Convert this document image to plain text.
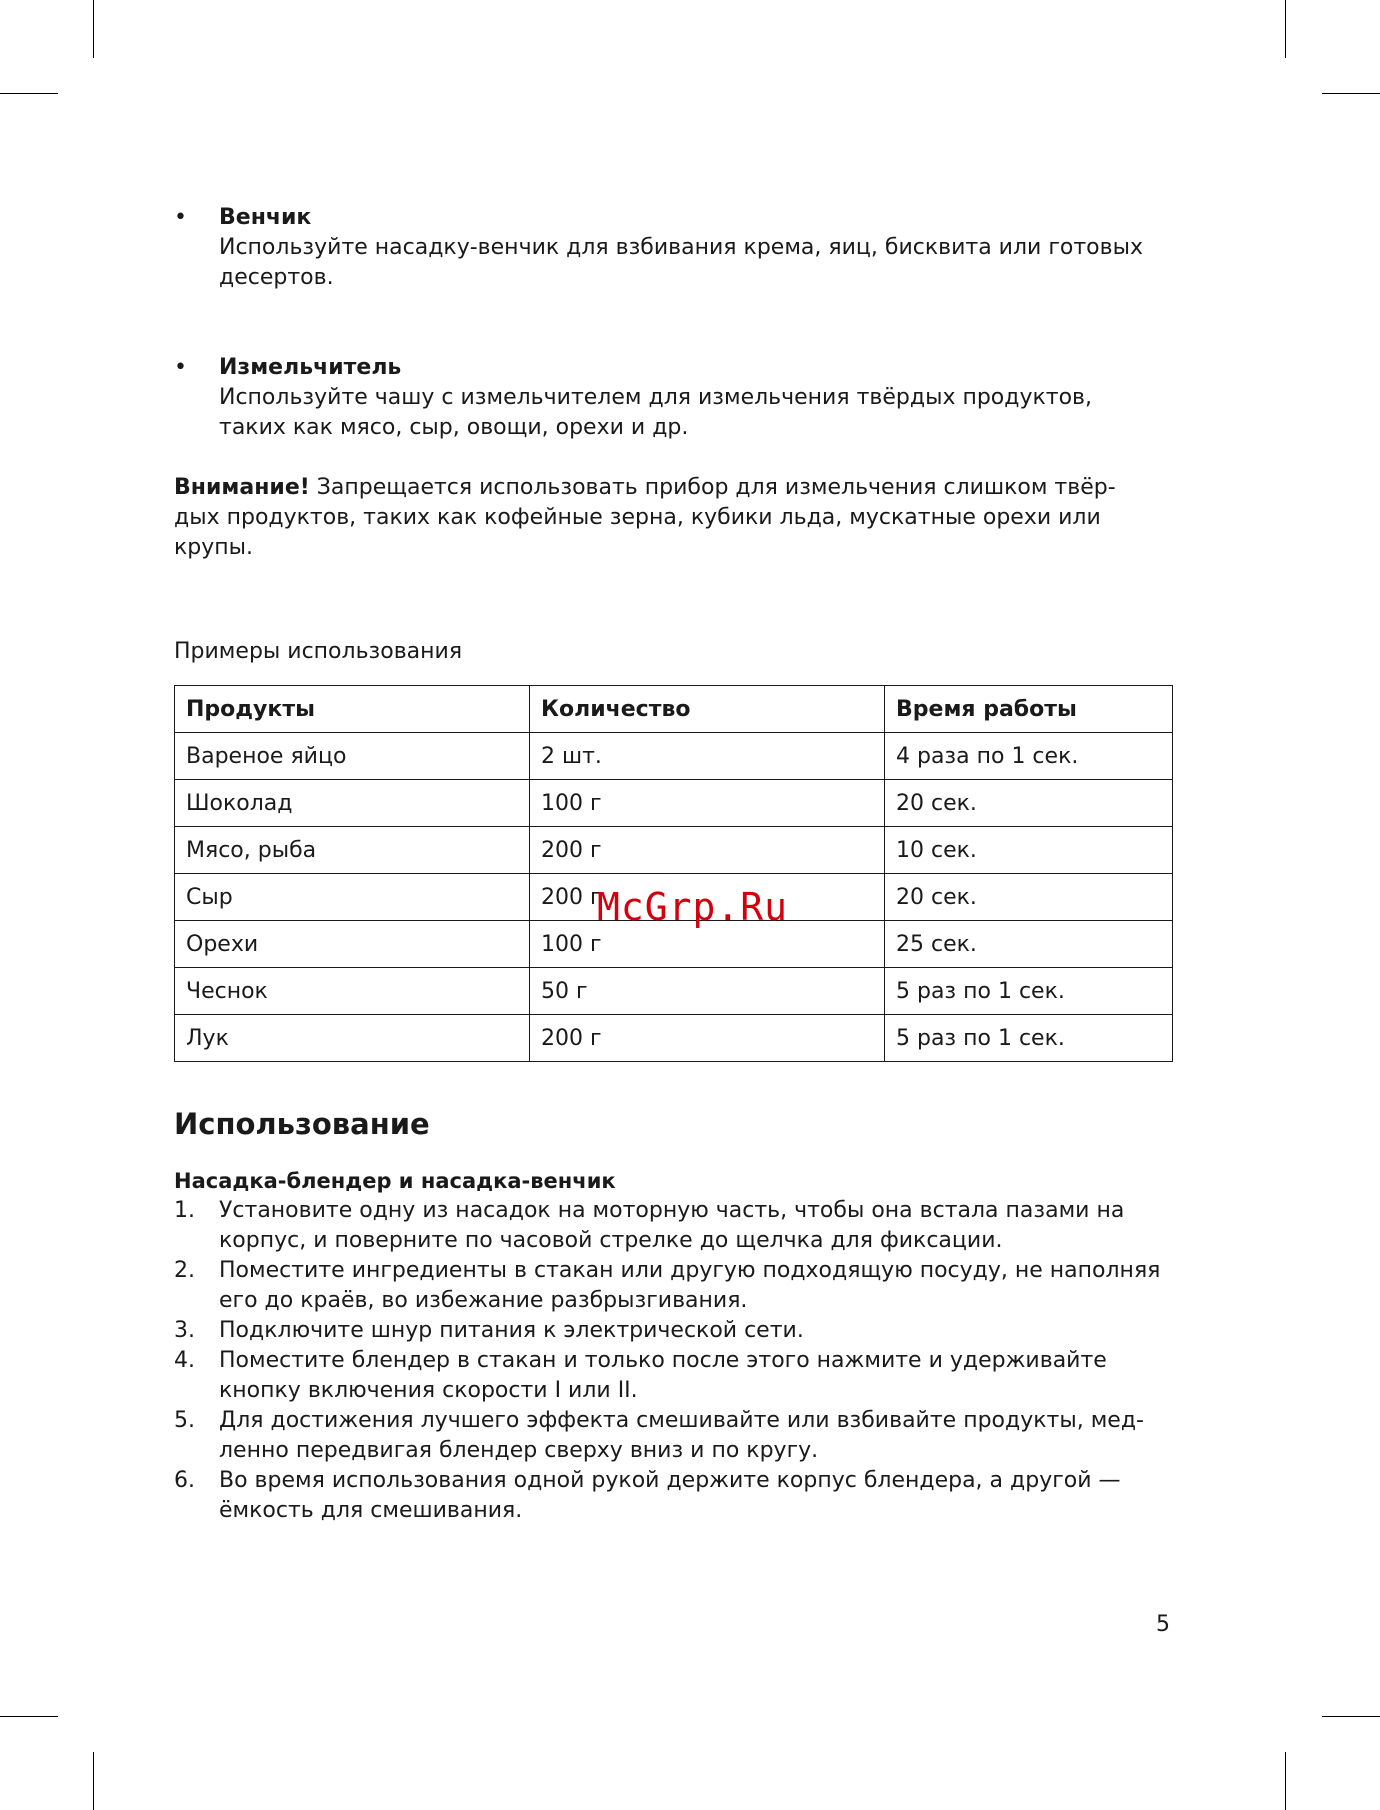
• Венчик
Используйте насадку-венчик для взбивания крема, яиц, бисквита или готовых
десертов.
• Измельчитель
Используйте чашу с измельчителем для измельчения твёрдых продуктов,
таких как мясо, сыр, овощи, орехи и др.
Внимание! Запрещается использовать прибор для измельчения слишком твёр-
дых продуктов, таких как кофейные зерна, кубики льда, мускатные орехи или
крупы.
Примеры использования
Продукты	Количество	Время работы
Вареное яйцо	2 шт.	4 раза по 1 сек.
Шоколад	100 г	20 сек.
Мясо, рыба	200 г	10 сек.
Сыр	200 г	20 сек.
Орехи	100 г	25 сек.
Чеснок	50 г	5 раз по 1 сек.
Лук	200 г	5 раз по 1 сек.
Использование
Насадка-блендер и насадка-венчик
1. Установите одну из насадок на моторную часть, чтобы она встала пазами на
корпус, и поверните по часовой стрелке до щелчка для фиксации.
2. Поместите ингредиенты в стакан или другую подходящую посуду, не наполняя
его до краёв, во избежание разбрызгивания.
3. Подключите шнур питания к электрической сети.
4. Поместите блендер в стакан и только после этого нажмите и удерживайте
кнопку включения скорости I или II.
5. Для достижения лучшего эффекта смешивайте или взбивайте продукты, мед-
ленно передвигая блендер сверху вниз и по кругу.
6. Во время использования одной рукой держите корпус блендера, а другой —
ёмкость для смешивания.
McGrp.Ru
5
